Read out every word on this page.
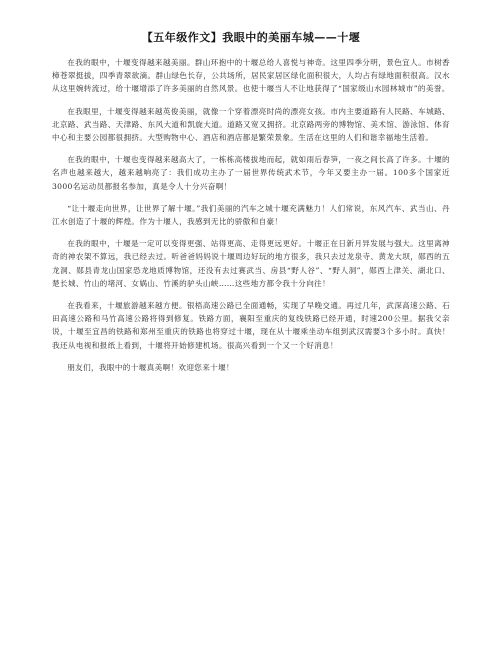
【五年级作文】我眼中的美丽车城——十堰

在我的眼中，十堰变得越来越美丽。群山环抱中的十堰总给人喜悦与神奇。这里四季分明，景色宜人。市树香樟苍翠挺拔，四季青翠欲滴。群山绿色长存，公共场所，居民家居区绿化面积很大，人均占有绿地面积很高。汉水从这里婉转流过，给十堰增添了许多美丽的自然风景。也使十堰当人不让地获得了“国家级山水园林城市”的美誉。

在我眼里，十堰变得越来越英俊美丽，就像一个穿着漂亮时尚的漂亮女孩。市内主要道路有人民路、车城路、北京路、武当路、天津路、东风大道和凯旋大道。道路又宽又拥挤。北京路两旁的博物馆、美术馆、游泳馆、体育中心和主要公园都很拥挤。大型购物中心、酒店和酒店都是繁荣景象。生活在这里的人们和谐幸福地生活着。

在我的眼中，十堰也变得越来越高大了，一栋栋高楼拔地而起，就如雨后春笋，一夜之间长高了许多。十堰的名声也越来越大，越来越响亮了：我们成功主办了一届世界传统武术节，今年又要主办一届。100多个国家近3000名运动员都报名参加，真是令人十分兴奋啊！

“让十堰走向世界，让世界了解十堰。”我们美丽的汽车之城十堰充满魅力！人们常说，东风汽车、武当山、丹江水创造了十堰的辉煌。作为十堰人，我感到无比的骄傲和自豪！

在我的眼中，十堰是一定可以变得更强、站得更高、走得更远更好。十堰正在日新月异发展与强大。这里离神奇的神农架不算远，我已经去过。听爸爸妈妈说十堰周边好玩的地方很多，我只去过龙泉寺、黄龙大坝，郧西的五龙洞、郧县青龙山国家恐龙地质博物馆，还没有去过赛武当、房县“野人谷”、“野人洞”，郧西上津关、湖北口、楚长城、竹山的堵河、女娲山、竹溪的驴头山峡……这些地方都令我十分向往！

在我看来，十堰旅游越来越方便。银梧高速公路已全面通畅，实现了早晚交通。再过几年，武深高速公路、石田高速公路和马竹高速公路将得到修复。铁路方面，襄阳至重庆的复线铁路已经开通，时速200公里。据我父亲说，十堰至宜昌的铁路和郑州至重庆的铁路也将穿过十堰，现在从十堰乘坐动车组到武汉需要3个多小时。真快！我还从电视和报纸上看到，十堰将开始修建机场。很高兴看到一个又一个好消息！

朋友们，我眼中的十堰真美啊！欢迎您来十堰！
